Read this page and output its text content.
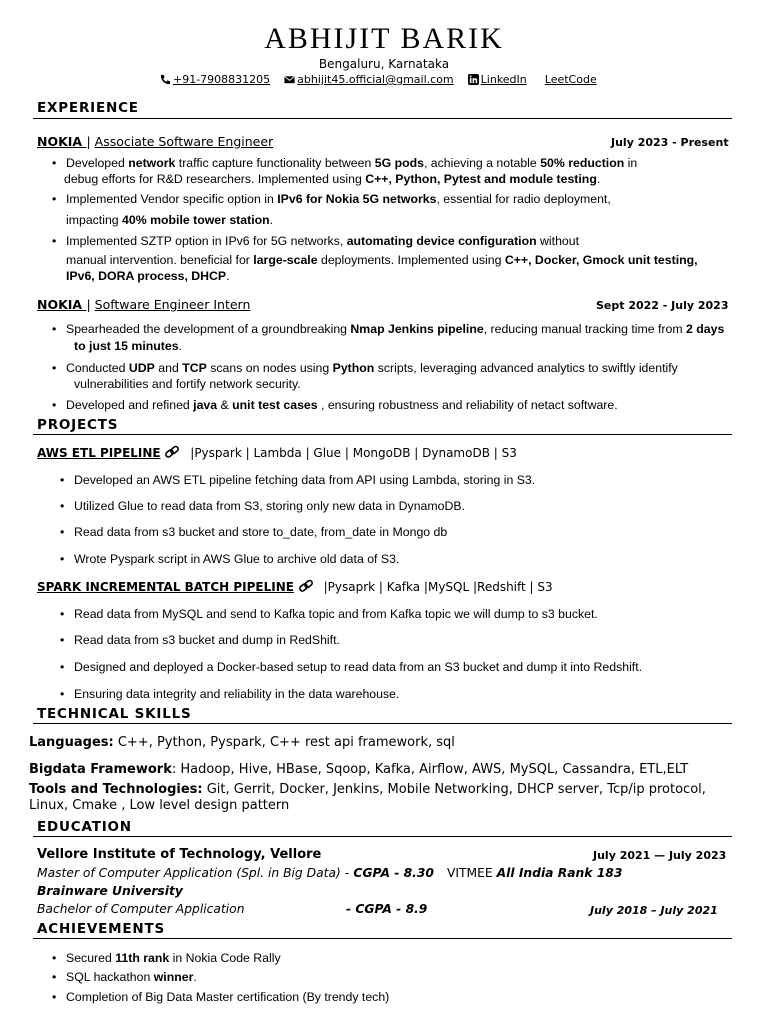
ABHIJIT BARIK
Bengaluru, Karnataka
+91-7908831205 abhijit45.official@gmail.com LinkedIn LeetCode
EXPERIENCE
NOKIA | Associate Software Engineer	July 2023 - Present
• Developed network traffic capture functionality between 5G pods, achieving a notable 50% reduction in
debug efforts for R&D researchers. Implemented using C++, Python, Pytest and module testing.
• Implemented Vendor specific option in IPv6 for Nokia 5G networks, essential for radio deployment,
impacting 40% mobile tower station.
• Implemented SZTP option in IPv6 for 5G networks, automating device configuration without
manual intervention. beneficial for large-scale deployments. Implemented using C++, Docker, Gmock unit testing,
IPv6, DORA process, DHCP.
NOKIA | Software Engineer Intern	Sept 2022 - July 2023
• Spearheaded the development of a groundbreaking Nmap Jenkins pipeline, reducing manual tracking time from 2 days
to just 15 minutes.
• Conducted UDP and TCP scans on nodes using Python scripts, leveraging advanced analytics to swiftly identify
vulnerabilities and fortify network security.
• Developed and refined java & unit test cases , ensuring robustness and reliability of netact software.
PROJECTS
AWS ETL PIPELINE |Pyspark | Lambda | Glue | MongoDB | DynamoDB | S3
• Developed an AWS ETL pipeline fetching data from API using Lambda, storing in S3.
• Utilized Glue to read data from S3, storing only new data in DynamoDB.
• Read data from s3 bucket and store to_date, from_date in Mongo db
• Wrote Pyspark script in AWS Glue to archive old data of S3.
SPARK INCREMENTAL BATCH PIPELINE |Pysaprk | Kafka |MySQL |Redshift | S3
• Read data from MySQL and send to Kafka topic and from Kafka topic we will dump to s3 bucket.
• Read data from s3 bucket and dump in RedShift.
• Designed and deployed a Docker-based setup to read data from an S3 bucket and dump it into Redshift.
• Ensuring data integrity and reliability in the data warehouse.
TECHNICAL SKILLS
Languages: C++, Python, Pyspark, C++ rest api framework, sql
Bigdata Framework: Hadoop, Hive, HBase, Sqoop, Kafka, Airflow, AWS, MySQL, Cassandra, ETL,ELT
Tools and Technologies: Git, Gerrit, Docker, Jenkins, Mobile Networking, DHCP server, Tcp/ip protocol,
Linux, Cmake , Low level design pattern
EDUCATION
Vellore Institute of Technology, Vellore	July 2021 — July 2023
Master of Computer Application (Spl. in Big Data) - CGPA - 8.30 VITMEE All India Rank 183
Brainware University
Bachelor of Computer Application	- CGPA - 8.9	July 2018 – July 2021
ACHIEVEMENTS
• Secured 11th rank in Nokia Code Rally
• SQL hackathon winner.
• Completion of Big Data Master certification (By trendy tech)
